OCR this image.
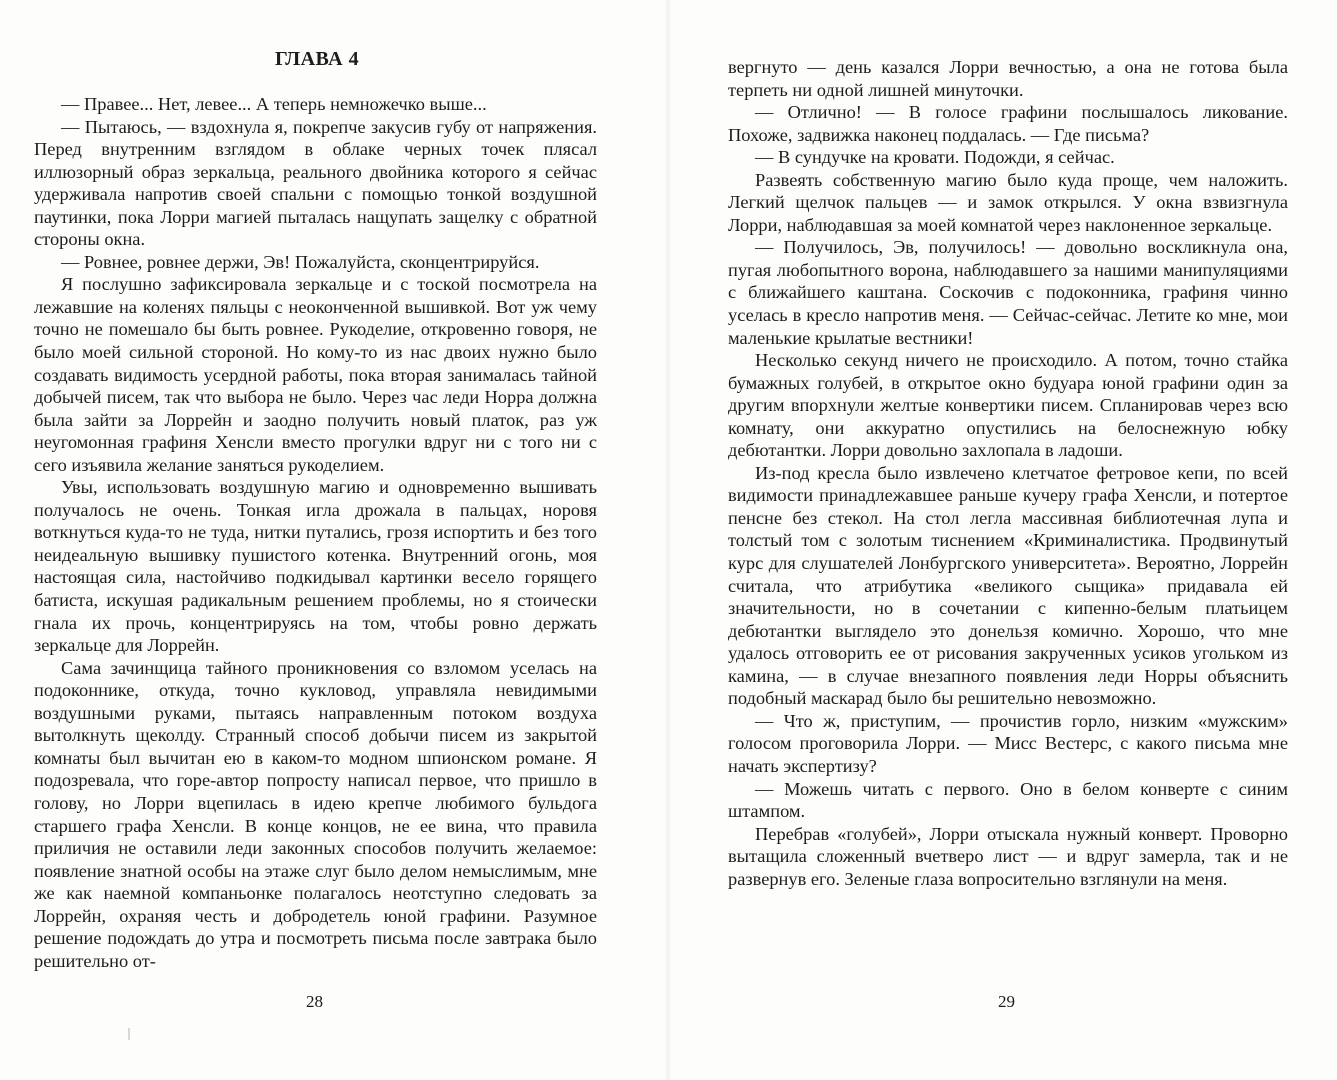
ГЛАВА 4

— Правее... Нет, левее... А теперь немножечко выше...

— Пытаюсь, — вздохнула я, покрепче закусив губу от напряжения. Перед внутренним взглядом в облаке черных точек плясал иллюзорный образ зеркальца, реального двойника которого я сейчас удерживала напротив своей спальни с помощью тонкой воздушной паутинки, пока Лорри магией пыталась нащупать защелку с обратной стороны окна.

— Ровнее, ровнее держи, Эв! Пожалуйста, сконцентрируйся.

Я послушно зафиксировала зеркальце и с тоской посмотрела на лежавшие на коленях пяльцы с неоконченной вышивкой. Вот уж чему точно не помешало бы быть ровнее. Рукоделие, откровенно говоря, не было моей сильной стороной. Но кому-то из нас двоих нужно было создавать видимость усердной работы, пока вторая занималась тайной добычей писем, так что выбора не было. Через час леди Норра должна была зайти за Лоррейн и заодно получить новый платок, раз уж неугомонная графиня Хенсли вместо прогулки вдруг ни с того ни с сего изъявила желание заняться рукоделием.

Увы, использовать воздушную магию и одновременно вышивать получалось не очень. Тонкая игла дрожала в пальцах, норовя воткнуться куда-то не туда, нитки путались, грозя испортить и без того неидеальную вышивку пушистого котенка. Внутренний огонь, моя настоящая сила, настойчиво подкидывал картинки весело горящего батиста, искушая радикальным решением проблемы, но я стоически гнала их прочь, концентрируясь на том, чтобы ровно держать зеркальце для Лоррейн.

Сама зачинщица тайного проникновения со взломом уселась на подоконнике, откуда, точно кукловод, управляла невидимыми воздушными руками, пытаясь направленным потоком воздуха вытолкнуть щеколду. Странный способ добычи писем из закрытой комнаты был вычитан ею в каком-то модном шпионском романе. Я подозревала, что горе-автор попросту написал первое, что пришло в голову, но Лорри вцепилась в идею крепче любимого бульдога старшего графа Хенсли. В конце концов, не ее вина, что правила приличия не оставили леди законных способов получить желаемое: появление знатной особы на этаже слуг было делом немыслимым, мне же как наемной компаньонке полагалось неотступно следовать за Лоррейн, охраняя честь и добродетель юной графини. Разумное решение подождать до утра и посмотреть письма после завтрака было решительно от-

28

вергнуто — день казался Лорри вечностью, а она не готова была терпеть ни одной лишней минуточки.

— Отлично! — В голосе графини послышалось ликование. Похоже, задвижка наконец поддалась. — Где письма?

— В сундучке на кровати. Подожди, я сейчас.

Развеять собственную магию было куда проще, чем наложить. Легкий щелчок пальцев — и замок открылся. У окна взвизгнула Лорри, наблюдавшая за моей комнатой через наклоненное зеркальце.

— Получилось, Эв, получилось! — довольно воскликнула она, пугая любопытного ворона, наблюдавшего за нашими манипуляциями с ближайшего каштана. Соскочив с подоконника, графиня чинно уселась в кресло напротив меня. — Сейчас-сейчас. Летите ко мне, мои маленькие крылатые вестники!

Несколько секунд ничего не происходило. А потом, точно стайка бумажных голубей, в открытое окно будуара юной графини один за другим впорхнули желтые конвертики писем. Спланировав через всю комнату, они аккуратно опустились на белоснежную юбку дебютантки. Лорри довольно захлопала в ладоши.

Из-под кресла было извлечено клетчатое фетровое кепи, по всей видимости принадлежавшее раньше кучеру графа Хенсли, и потертое пенсне без стекол. На стол легла массивная библиотечная лупа и толстый том с золотым тиснением «Криминалистика. Продвинутый курс для слушателей Лонбургского университета». Вероятно, Лоррейн считала, что атрибутика «великого сыщика» придавала ей значительности, но в сочетании с кипенно-белым платьицем дебютантки выглядело это донельзя комично. Хорошо, что мне удалось отговорить ее от рисования закрученных усиков угольком из камина, — в случае внезапного появления леди Норры объяснить подобный маскарад было бы решительно невозможно.

— Что ж, приступим, — прочистив горло, низким «мужским» голосом проговорила Лорри. — Мисс Вестерс, с какого письма мне начать экспертизу?

— Можешь читать с первого. Оно в белом конверте с синим штампом.

Перебрав «голубей», Лорри отыскала нужный конверт. Проворно вытащила сложенный вчетверо лист — и вдруг замерла, так и не развернув его. Зеленые глаза вопросительно взглянули на меня.

29
